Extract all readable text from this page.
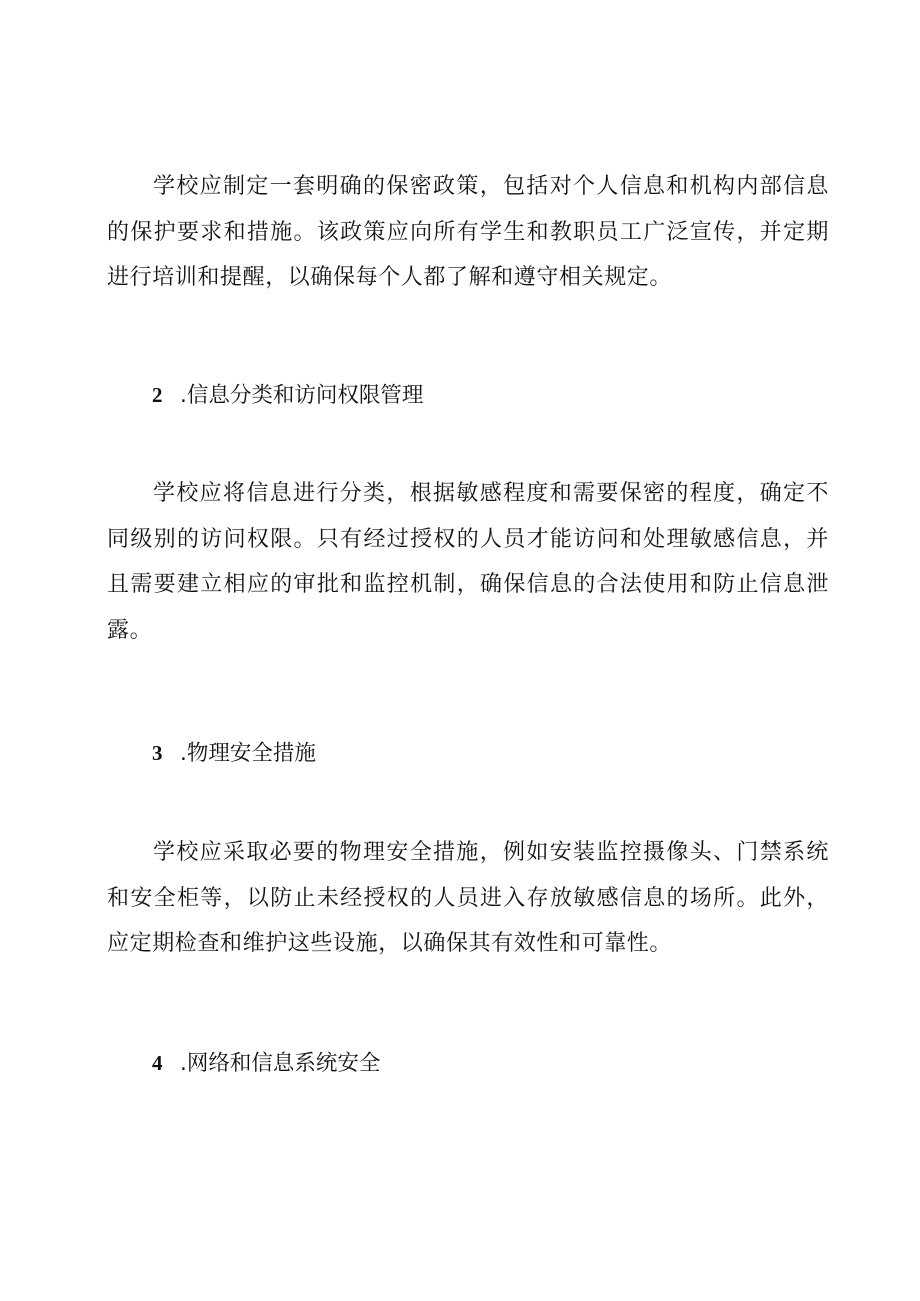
学校应制定一套明确的保密政策，包括对个人信息和机构内部信息的保护要求和措施。该政策应向所有学生和教职员工广泛宣传，并定期进行培训和提醒，以确保每个人都了解和遵守相关规定。

2 .信息分类和访问权限管理

学校应将信息进行分类，根据敏感程度和需要保密的程度，确定不同级别的访问权限。只有经过授权的人员才能访问和处理敏感信息，并且需要建立相应的审批和监控机制，确保信息的合法使用和防止信息泄露。

3 .物理安全措施

学校应采取必要的物理安全措施，例如安装监控摄像头、门禁系统和安全柜等，以防止未经授权的人员进入存放敏感信息的场所。此外，应定期检查和维护这些设施，以确保其有效性和可靠性。

4 .网络和信息系统安全
